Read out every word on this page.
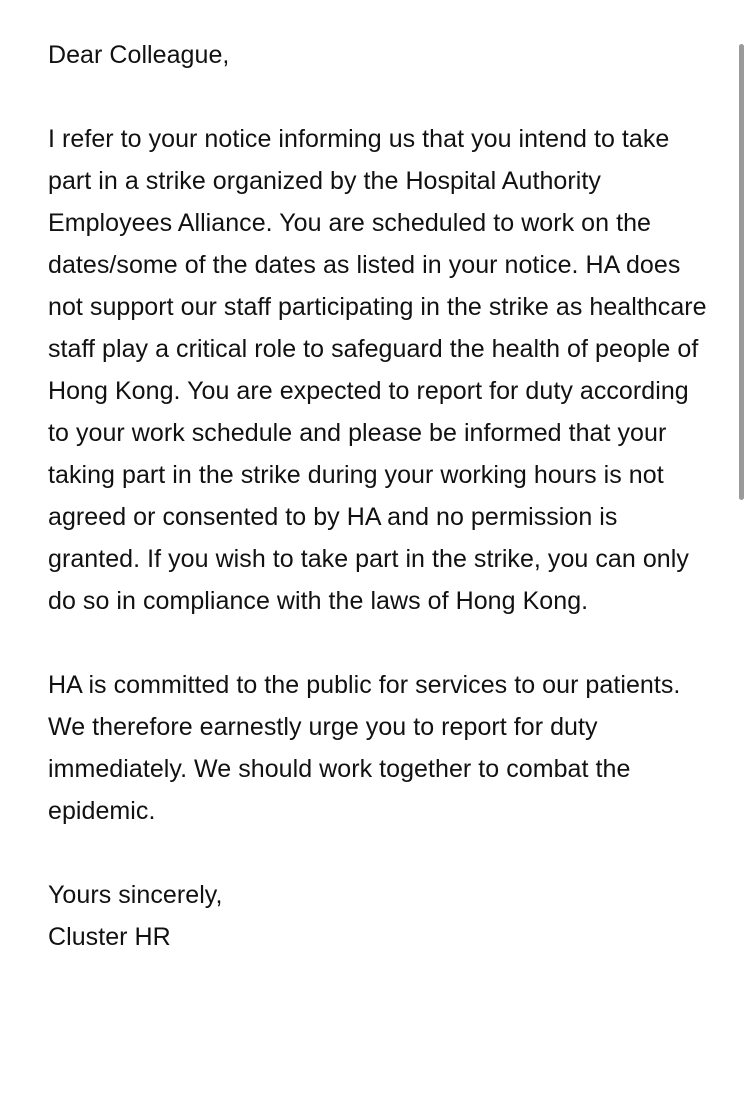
Dear Colleague,

I refer to your notice informing us that you intend to take part in a strike organized by the Hospital Authority Employees Alliance. You are scheduled to work on the dates/some of the dates as listed in your notice. HA does not support our staff participating in the strike as healthcare staff play a critical role to safeguard the health of people of Hong Kong. You are expected to report for duty according to your work schedule and please be informed that your taking part in the strike during your working hours is not agreed or consented to by HA and no permission is granted. If you wish to take part in the strike, you can only do so in compliance with the laws of Hong Kong.

HA is committed to the public for services to our patients. We therefore earnestly urge you to report for duty immediately. We should work together to combat the epidemic.

Yours sincerely,

Cluster HR
